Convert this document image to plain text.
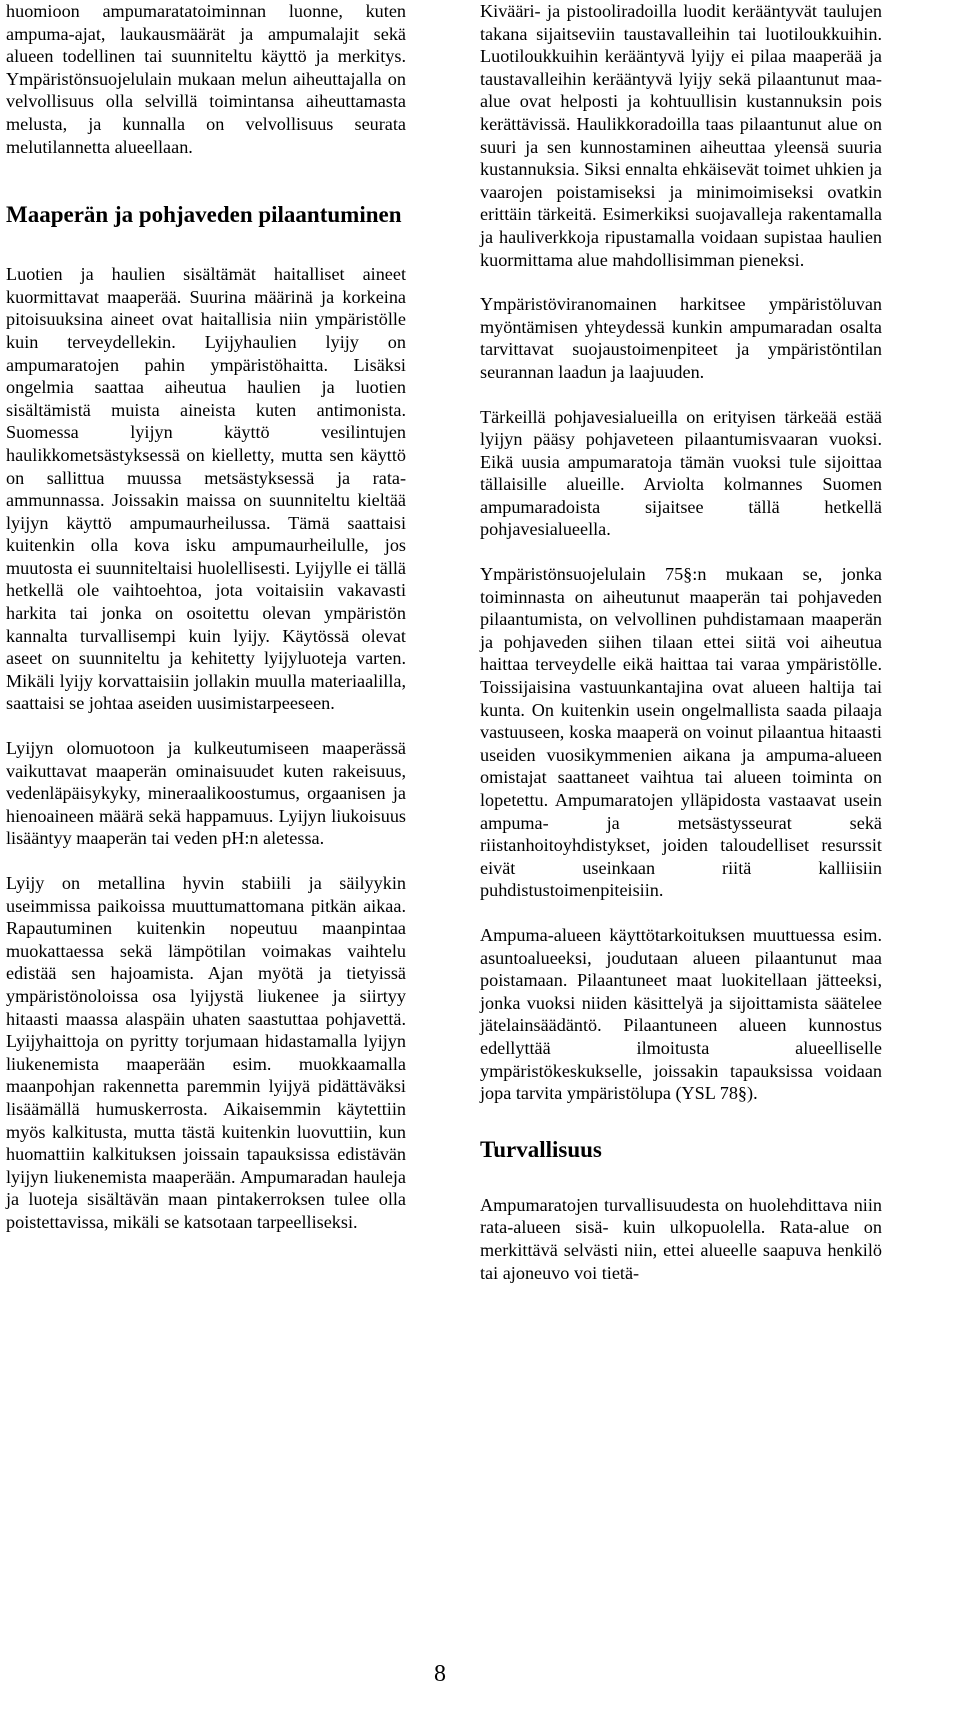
huomioon ampumaratatoiminnan luonne, kuten ampuma-ajat, laukausmäärät ja ampumalajit sekä alueen todellinen tai suunniteltu käyttö ja merkitys. Ympäristönsuojelulain mukaan melun aiheuttajalla on velvollisuus olla selvillä toimintansa aiheuttamasta melusta, ja kunnalla on velvollisuus seurata melutilannetta alueellaan.

Maaperän ja pohjaveden pilaantuminen

Luotien ja haulien sisältämät haitalliset aineet kuormittavat maaperää. Suurina määrinä ja korkeina pitoisuuksina aineet ovat haitallisia niin ympäristölle kuin terveydellekin. Lyijyhaulien lyijy on ampumaratojen pahin ympäristöhaitta. Lisäksi ongelmia saattaa aiheutua haulien ja luotien sisältämistä muista aineista kuten antimonista. Suomessa lyijyn käyttö vesilintujen haulikkometsästyksessä on kielletty, mutta sen käyttö on sallittua muussa metsästyksessä ja rata-ammunnassa. Joissakin maissa on suunniteltu kieltää lyijyn käyttö ampumaurheilussa. Tämä saattaisi kuitenkin olla kova isku ampumaurheilulle, jos muutosta ei suunniteltaisi huolellisesti. Lyijylle ei tällä hetkellä ole vaihtoehtoa, jota voitaisiin vakavasti harkita tai jonka on osoitettu olevan ympäristön kannalta turvallisempi kuin lyijy. Käytössä olevat aseet on suunniteltu ja kehitetty lyijyluoteja varten. Mikäli lyijy korvattaisiin jollakin muulla materiaalilla, saattaisi se johtaa aseiden uusimistarpeeseen.

Lyijyn olomuotoon ja kulkeutumiseen maaperässä vaikuttavat maaperän ominaisuudet kuten rakeisuus, vedenläpäisykyky, mineraalikoostumus, orgaanisen ja hienoaineen määrä sekä happamuus. Lyijyn liukoisuus lisääntyy maaperän tai veden pH:n aletessa.

Lyijy on metallina hyvin stabiili ja säilyykin useimmissa paikoissa muuttumattomana pitkän aikaa. Rapautuminen kuitenkin nopeutuu maanpintaa muokattaessa sekä lämpötilan voimakas vaihtelu edistää sen hajoamista. Ajan myötä ja tietyissä ympäristönoloissa osa lyijystä liukenee ja siirtyy hitaasti maassa alaspäin uhaten saastuttaa pohjavettä. Lyijyhaittoja on pyritty torjumaan hidastamalla lyijyn liukenemista maaperään esim. muokkaamalla maanpohjan rakennetta paremmin lyijyä pidättäväksi lisäämällä humuskerrosta. Aikaisemmin käytettiin myös kalkitusta, mutta tästä kuitenkin luovuttiin, kun huomattiin kalkituksen joissain tapauksissa edistävän lyijyn liukenemista maaperään. Ampumaradan hauleja ja luoteja sisältävän maan pintakerroksen tulee olla poistettavissa, mikäli se katsotaan tarpeelliseksi.

Kivääri- ja pistooliradoilla luodit kerääntyvät taulujen takana sijaitseviin taustavalleihin tai luotiloukkuihin. Luotiloukkuihin kerääntyvä lyijy ei pilaa maaperää ja taustavalleihin kerääntyvä lyijy sekä pilaantunut maa-alue ovat helposti ja kohtuullisin kustannuksin pois kerättävissä. Haulikkoradoilla taas pilaantunut alue on suuri ja sen kunnostaminen aiheuttaa yleensä suuria kustannuksia. Siksi ennalta ehkäisevät toimet uhkien ja vaarojen poistamiseksi ja minimoimiseksi ovatkin erittäin tärkeitä. Esimerkiksi suojavalleja rakentamalla ja hauliverkkoja ripustamalla voidaan supistaa haulien kuormittama alue mahdollisimman pieneksi.

Ympäristöviranomainen harkitsee ympäristöluvan myöntämisen yhteydessä kunkin ampumaradan osalta tarvittavat suojaustoimenpiteet ja ympäristöntilan seurannan laadun ja laajuuden.

Tärkeillä pohjavesialueilla on erityisen tärkeää estää lyijyn pääsy pohjaveteen pilaantumisvaaran vuoksi. Eikä uusia ampumaratoja tämän vuoksi tule sijoittaa tällaisille alueille. Arviolta kolmannes Suomen ampumaradoista sijaitsee tällä hetkellä pohjavesialueella.

Ympäristönsuojelulain 75§:n mukaan se, jonka toiminnasta on aiheutunut maaperän tai pohjaveden pilaantumista, on velvollinen puhdistamaan maaperän ja pohjaveden siihen tilaan ettei siitä voi aiheutua haittaa terveydelle eikä haittaa tai varaa ympäristölle. Toissijaisina vastuunkantajina ovat alueen haltija tai kunta. On kuitenkin usein ongelmallista saada pilaaja vastuuseen, koska maaperä on voinut pilaantua hitaasti useiden vuosikymmenien aikana ja ampuma-alueen omistajat saattaneet vaihtua tai alueen toiminta on lopetettu. Ampumaratojen ylläpidosta vastaavat usein ampuma- ja metsästysseurat sekä riistanhoitoyhdistykset, joiden taloudelliset resurssit eivät useinkaan riitä kalliisiin puhdistustoimenpiteisiin.

Ampuma-alueen käyttötarkoituksen muuttuessa esim. asuntoalueeksi, joudutaan alueen pilaantunut maa poistamaan. Pilaantuneet maat luokitellaan jätteeksi, jonka vuoksi niiden käsittelyä ja sijoittamista säätelee jätelainsäädäntö. Pilaantuneen alueen kunnostus edellyttää ilmoitusta alueelliselle ympäristökeskukselle, joissakin tapauksissa voidaan jopa tarvita ympäristölupa (YSL 78§).

Turvallisuus

Ampumaratojen turvallisuudesta on huolehdittava niin rata-alueen sisä- kuin ulkopuolella. Rata-alue on merkittävä selvästi niin, ettei alueelle saapuva henkilö tai ajoneuvo voi tietä-

8
